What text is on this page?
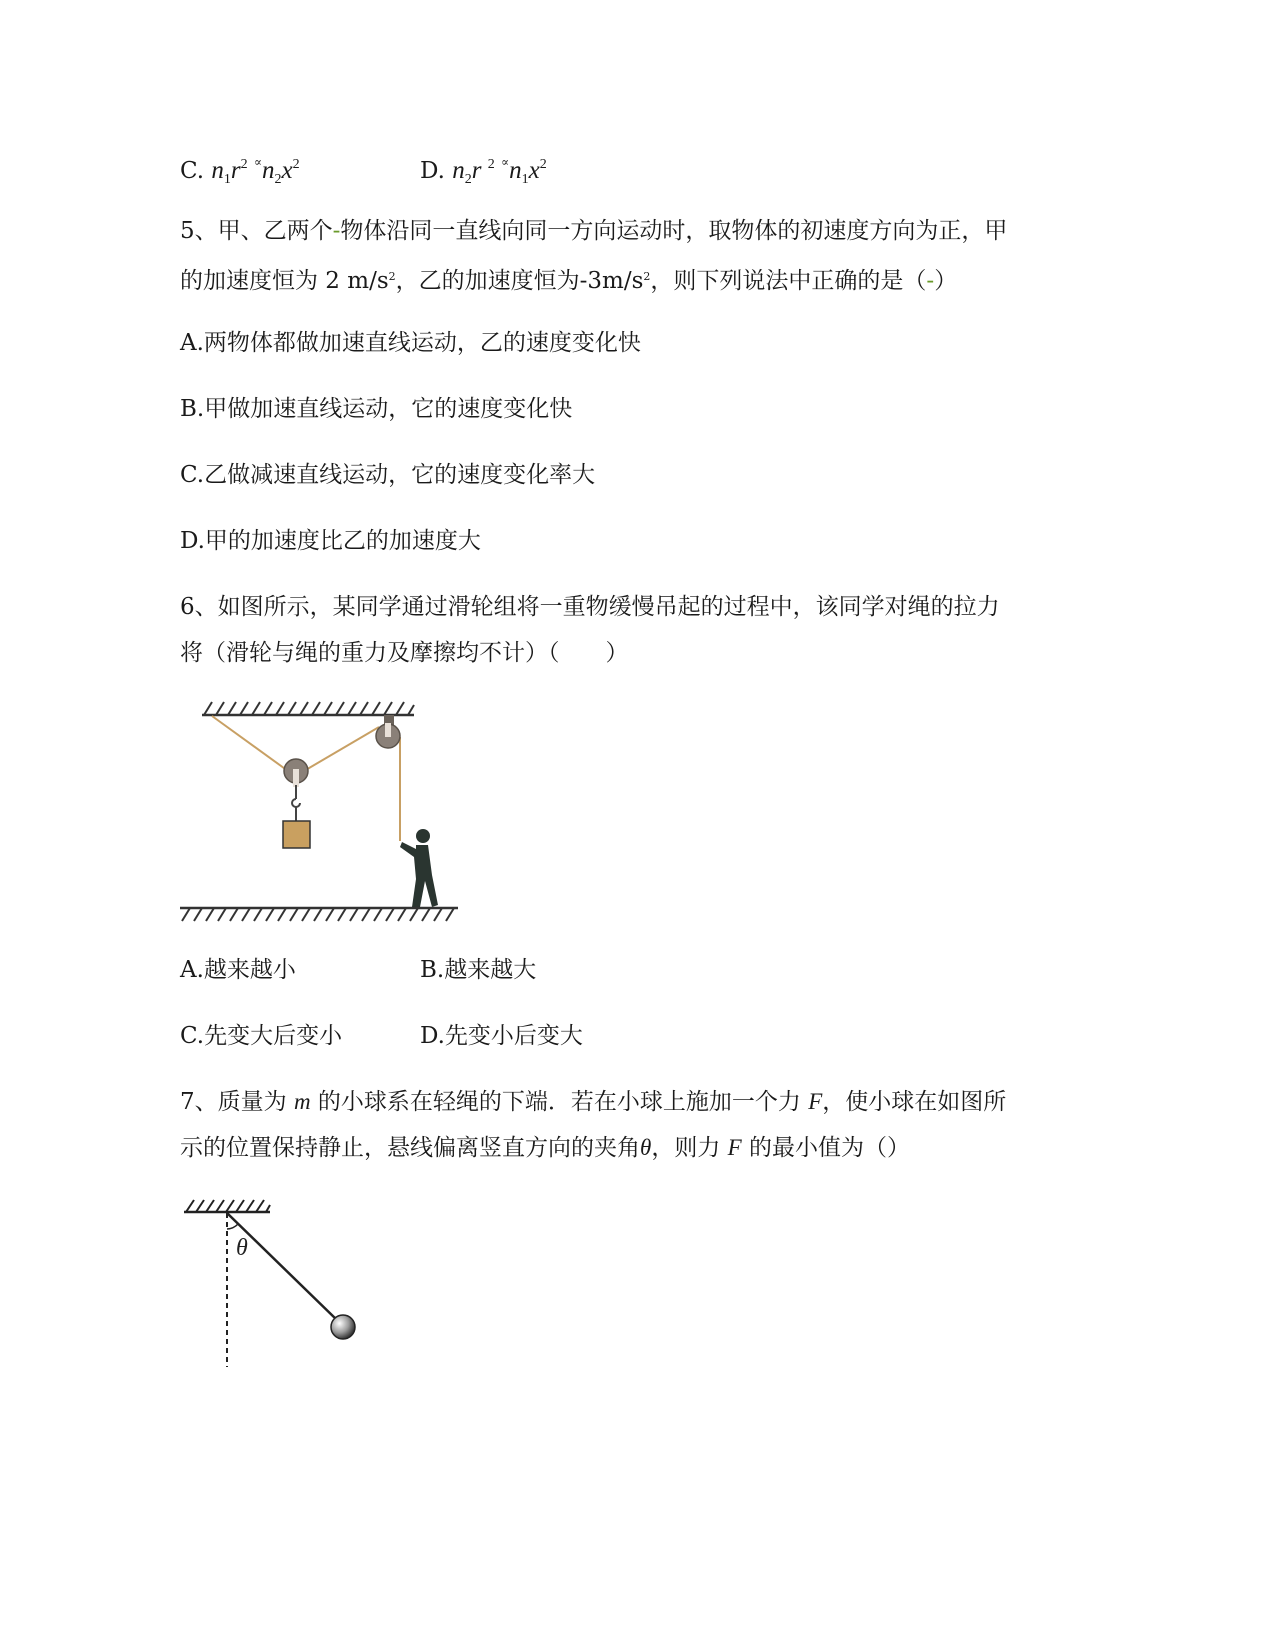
C. $n_1r^2$ $^\propto n_2x^2$	D. $n_2r$ $^2$ $^\propto n_1x^2$
5、甲、乙两个-物体沿同一直线向同一方向运动时，取物体的初速度方向为正，甲
的加速度恒为 2 $m/s^2$，乙的加速度恒为$-3m/s^2$，则下列说法中正确的是（-）
A.两物体都做加速直线运动，乙的速度变化快
B.甲做加速直线运动，它的速度变化快
C.乙做减速直线运动，它的速度变化率大
D.甲的加速度比乙的加速度大
6、如图所示，某同学通过滑轮组将一重物缓慢吊起的过程中，该同学对绳的拉力
将（滑轮与绳的重力及摩擦均不计）（　　）
A.越来越小	B.越来越大
C.先变大后变小	D.先变小后变大
7、质量为 m 的小球系在轻绳的下端．若在小球上施加一个力 F，使小球在如图所
示的位置保持静止，悬线偏离竖直方向的夹角θ，则力 F 的最小值为（）
θ
